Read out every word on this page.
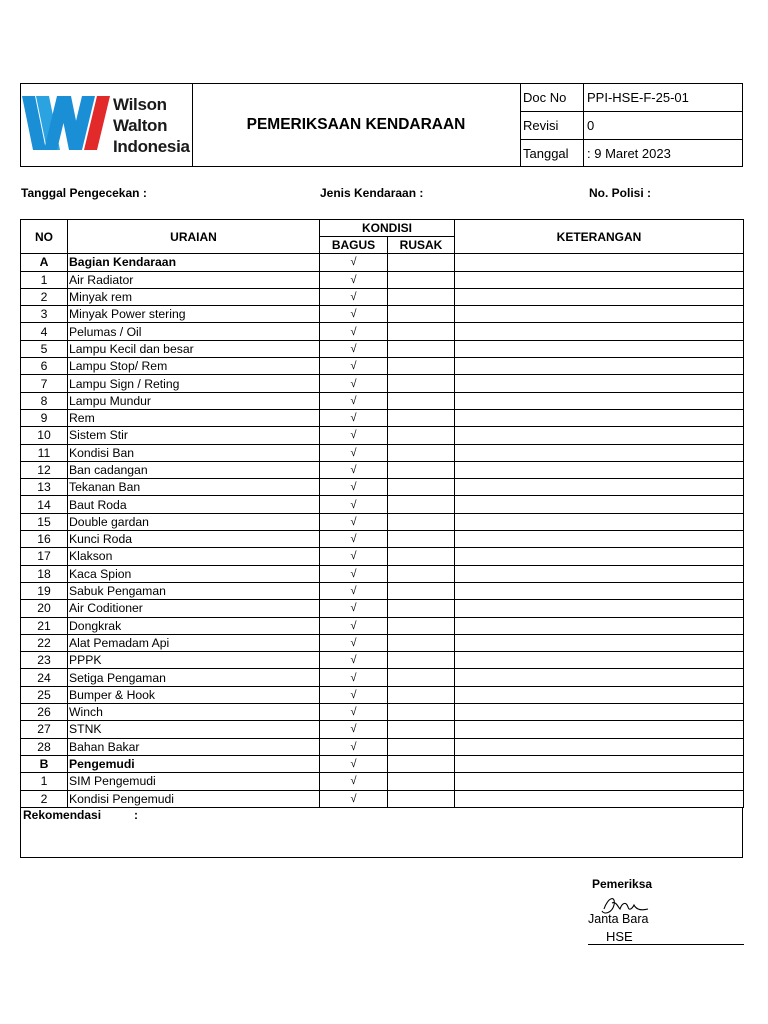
Wilson
Walton
Indonesia
PEMERIKSAAN KENDARAAN
Doc No	PPI-HSE-F-25-01
Revisi	0
Tanggal	: 9 Maret 2023
Tanggal Pengecekan :	Jenis Kendaraan :	No. Polisi :
NO	URAIAN	KONDISI		KETERANGAN
		BAGUS	RUSAK	
A	Bagian Kendaraan	√		
1	Air Radiator	√		
2	Minyak rem	√		
3	Minyak Power stering	√		
4	Pelumas / Oil	√		
5	Lampu Kecil dan besar	√		
6	Lampu Stop/ Rem	√		
7	Lampu Sign / Reting	√		
8	Lampu Mundur	√		
9	Rem	√		
10	Sistem Stir	√		
11	Kondisi Ban	√		
12	Ban cadangan	√		
13	Tekanan Ban	√		
14	Baut Roda	√		
15	Double gardan	√		
16	Kunci Roda	√		
17	Klakson	√		
18	Kaca Spion	√		
19	Sabuk Pengaman	√		
20	Air Coditioner	√		
21	Dongkrak	√		
22	Alat Pemadam Api	√		
23	PPPK	√		
24	Setiga Pengaman	√		
25	Bumper & Hook	√		
26	Winch	√		
27	STNK	√		
28	Bahan Bakar	√		
B	Pengemudi	√		
1	SIM Pengemudi	√		
2	Kondisi Pengemudi	√		
Rekomendasi	:
Pemeriksa
Janta Bara
HSE
